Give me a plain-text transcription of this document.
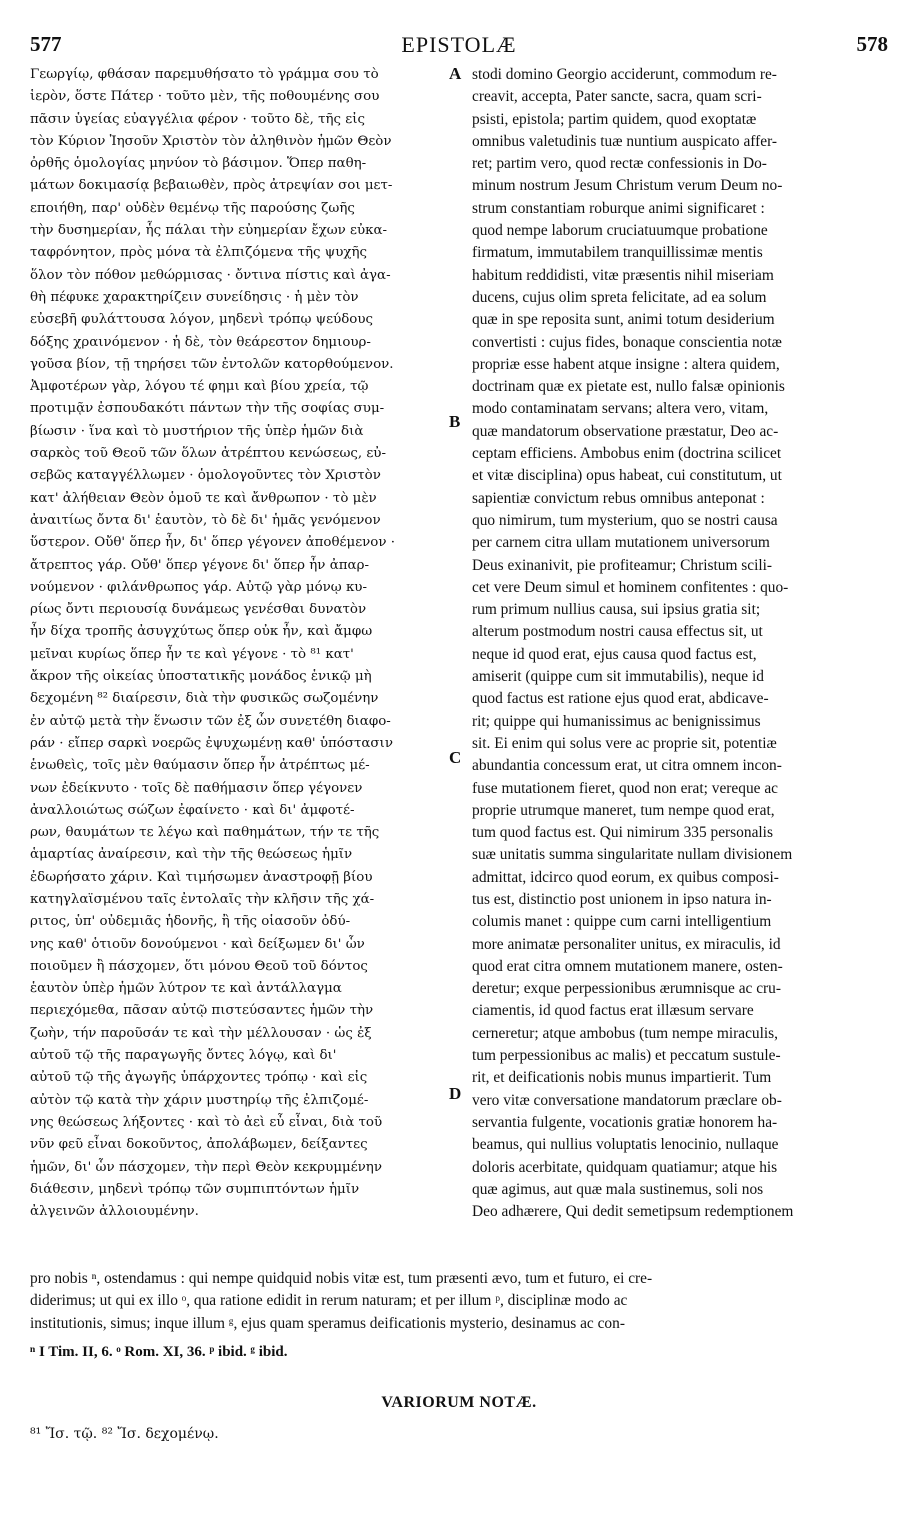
577	EPISTOLÆ	578
Γεωργίῳ, φθάσαν παρεμυθήσατο τὸ γράμμα σου τὸ
ἱερὸν, ὅστε Πάτερ · τοῦτο μὲν, τῆς ποθουμένης σου
πᾶσιν ὑγείας εὐαγγέλια φέρον · τοῦτο δὲ, τῆς εἰς
τὸν Κύριον Ἰησοῦν Χριστὸν τὸν ἀληθινὸν ἡμῶν Θεὸν
ὀρθῆς ὁμολογίας μηνύον τὸ βάσιμον. Ὅπερ παθη-
μάτων δοκιμασίᾳ βεβαιωθὲν, πρὸς ἀτρεψίαν σοι μετ-
εποιήθη, παρ' οὐδὲν θεμένῳ τῆς παρούσης ζωῆς
τὴν δυσημερίαν, ἧς πάλαι τὴν εὐημερίαν ἔχων εὐκα-
ταφρόνητον, πρὸς μόνα τὰ ἐλπιζόμενα τῆς ψυχῆς
ὅλον τὸν πόθον μεθώρμισας · ὄντινα πίστις καὶ ἀγα-
θὴ πέφυκε χαρακτηρίζειν συνείδησις · ἡ μὲν τὸν
εὐσεβῆ φυλάττουσα λόγον, μηδενὶ τρόπῳ ψεύδους
δόξης χραινόμενον · ἡ δὲ, τὸν θεάρεστον δημιουρ-
γοῦσα βίον, τῇ τηρήσει τῶν ἐντολῶν κατορθούμενον.
Ἀμφοτέρων γὰρ, λόγου τέ φημι καὶ βίου χρεία, τῷ
προτιμᾷν ἐσπουδακότι πάντων τὴν τῆς σοφίας συμ-
βίωσιν · ἵνα καὶ τὸ μυστήριον τῆς ὑπὲρ ἡμῶν διὰ
σαρκὸς τοῦ Θεοῦ τῶν ὅλων ἀτρέπτου κενώσεως, εὐ-
σεβῶς καταγγέλλωμεν · ὁμολογοῦντες τὸν Χριστὸν
κατ' ἀλήθειαν Θεὸν ὁμοῦ τε καὶ ἄνθρωπον · τὸ μὲν
ἀναιτίως ὄντα δι' ἑαυτὸν, τὸ δὲ δι' ἡμᾶς γενόμενον
ὕστερον. Οὔθ' ὅπερ ἦν, δι' ὅπερ γέγονεν ἀποθέμενον ·
ἄτρεπτος γάρ. Οὔθ' ὅπερ γέγονε δι' ὅπερ ἦν ἀπαρ-
νούμενον · φιλάνθρωπος γάρ. Αὐτῷ γὰρ μόνῳ κυ-
ρίως ὄντι περιουσίᾳ δυνάμεως γενέσθαι δυνατὸν
ἦν δίχα τροπῆς ἀσυγχύτως ὅπερ οὐκ ἦν, καὶ ἄμφω
μεῖναι κυρίως ὅπερ ἦν τε καὶ γέγονε · τὸ ⁸¹ κατ'
ἄκρον τῆς οἰκείας ὑποστατικῆς μονάδος ἑνικῷ μὴ
δεχομένη ⁸² διαίρεσιν, διὰ τὴν φυσικῶς σωζομένην
ἐν αὐτῷ μετὰ τὴν ἕνωσιν τῶν ἐξ ὧν συνετέθη διαφο-
ράν · εἴπερ σαρκὶ νοερῶς ἐψυχωμένῃ καθ' ὑπόστασιν
ἑνωθεὶς, τοῖς μὲν θαύμασιν ὅπερ ἦν ἀτρέπτως μέ-
νων ἐδείκνυτο · τοῖς δὲ παθήμασιν ὅπερ γέγονεν
ἀναλλοιώτως σώζων ἐφαίνετο · καὶ δι' ἀμφοτέ-
ρων, θαυμάτων τε λέγω καὶ παθημάτων, τήν τε τῆς
ἁμαρτίας ἀναίρεσιν, καὶ τὴν τῆς θεώσεως ἡμῖν
ἐδωρήσατο χάριν. Καὶ τιμήσωμεν ἀναστροφῇ βίου
κατηγλαϊσμένου ταῖς ἐντολαῖς τὴν κλῆσιν τῆς χά-
ριτος, ὑπ' οὐδεμιᾶς ἡδονῆς, ἢ τῆς οἱασοῦν ὀδύ-
νης καθ' ὁτιοῦν δονούμενοι · καὶ δείξωμεν δι' ὧν
ποιοῦμεν ἢ πάσχομεν, ὅτι μόνου Θεοῦ τοῦ δόντος
ἑαυτὸν ὑπὲρ ἡμῶν λύτρον τε καὶ ἀντάλλαγμα
περιεχόμεθα, πᾶσαν αὐτῷ πιστεύσαντες ἡμῶν τὴν
ζωὴν, τήν παροῦσάν τε καὶ τὴν μέλλουσαν · ὡς ἐξ
αὐτοῦ τῷ τῆς παραγωγῆς ὄντες λόγῳ, καὶ δι'
αὐτοῦ τῷ τῆς ἀγωγῆς ὑπάρχοντες τρόπῳ · καὶ εἰς
αὐτὸν τῷ κατὰ τὴν χάριν μυστηρίῳ τῆς ἐλπιζομέ-
νης θεώσεως λήξοντες · καὶ τὸ ἀεὶ εὖ εἶναι, διὰ τοῦ
νῦν φεῦ εἶναι δοκοῦντος, ἀπολάβωμεν, δείξαντες
ἡμῶν, δι' ὧν πάσχομεν, τὴν περὶ Θεὸν κεκρυμμένην
διάθεσιν, μηδενὶ τρόπῳ τῶν συμπιπτόντων ἡμῖν
ἀλγεινῶν ἀλλοιουμένην.
A
B
C
D
stodi domino Georgio acciderunt, commodum re-
creavit, accepta, Pater sancte, sacra, quam scri-
psisti, epistola; partim quidem, quod exoptatæ
omnibus valetudinis tuæ nuntium auspicato affer-
ret; partim vero, quod rectæ confessionis in Do-
minum nostrum Jesum Christum verum Deum no-
strum constantiam roburque animi significaret :
quod nempe laborum cruciatuumque probatione
firmatum, immutabilem tranquillissimæ mentis
habitum reddidisti, vitæ præsentis nihil miseriam
ducens, cujus olim spreta felicitate, ad ea solum
quæ in spe reposita sunt, animi totum desiderium
convertisti : cujus fides, bonaque conscientia notæ
propriæ esse habent atque insigne : altera quidem,
doctrinam quæ ex pietate est, nullo falsæ opinionis
modo contaminatam servans; altera vero, vitam,
quæ mandatorum observatione præstatur, Deo ac-
ceptam efficiens. Ambobus enim (doctrina scilicet
et vitæ disciplina) opus habeat, cui constitutum, ut
sapientiæ convictum rebus omnibus anteponat :
quo nimirum, tum mysterium, quo se nostri causa
per carnem citra ullam mutationem universorum
Deus exinanivit, pie profiteamur; Christum scili-
cet vere Deum simul et hominem confitentes : quo-
rum primum nullius causa, sui ipsius gratia sit;
alterum postmodum nostri causa effectus sit, ut
neque id quod erat, ejus causa quod factus est,
amiserit (quippe cum sit immutabilis), neque id
quod factus est ratione ejus quod erat, abdicave-
rit; quippe qui humanissimus ac benignissimus
sit. Ei enim qui solus vere ac proprie sit, potentiæ
abundantia concessum erat, ut citra omnem incon-
fuse mutationem fieret, quod non erat; vereque ac
proprie utrumque maneret, tum nempe quod erat,
tum quod factus est. Qui nimirum 335 personalis
suæ unitatis summa singularitate nullam divisionem
admittat, idcirco quod eorum, ex quibus composi-
tus est, distinctio post unionem in ipso natura in-
columis manet : quippe cum carni intelligentium
more animatæ personaliter unitus, ex miraculis, id
quod erat citra omnem mutationem manere, osten-
deretur; exque perpessionibus ærumnisque ac cru-
ciamentis, id quod factus erat illæsum servare
cerneretur; atque ambobus (tum nempe miraculis,
tum perpessionibus ac malis) et peccatum sustule-
rit, et deificationis nobis munus impartierit. Tum
vero vitæ conversatione mandatorum præclare ob-
servantia fulgente, vocationis gratiæ honorem ha-
beamus, qui nullius voluptatis lenocinio, nullaque
doloris acerbitate, quidquam quatiamur; atque his
quæ agimus, aut quæ mala sustinemus, soli nos
Deo adhærere, Qui dedit semetipsum redemptionem
pro nobis ⁿ, ostendamus : qui nempe quidquid nobis vitæ est, tum præsenti ævo, tum et futuro, ei cre-
diderimus; ut qui ex illo ᵒ, qua ratione edidit in rerum naturam; et per illum ᵖ, disciplinæ modo ac
institutionis, simus; inque illum ᵍ, ejus quam speramus deificationis mysterio, desinamus ac con-
ⁿ I Tim. II, 6. ᵒ Rom. XI, 36. ᵖ ibid. ᵍ ibid.
VARIORUM NOTÆ.
⁸¹ Ἴσ. τῷ. ⁸² Ἴσ. δεχομένῳ.
